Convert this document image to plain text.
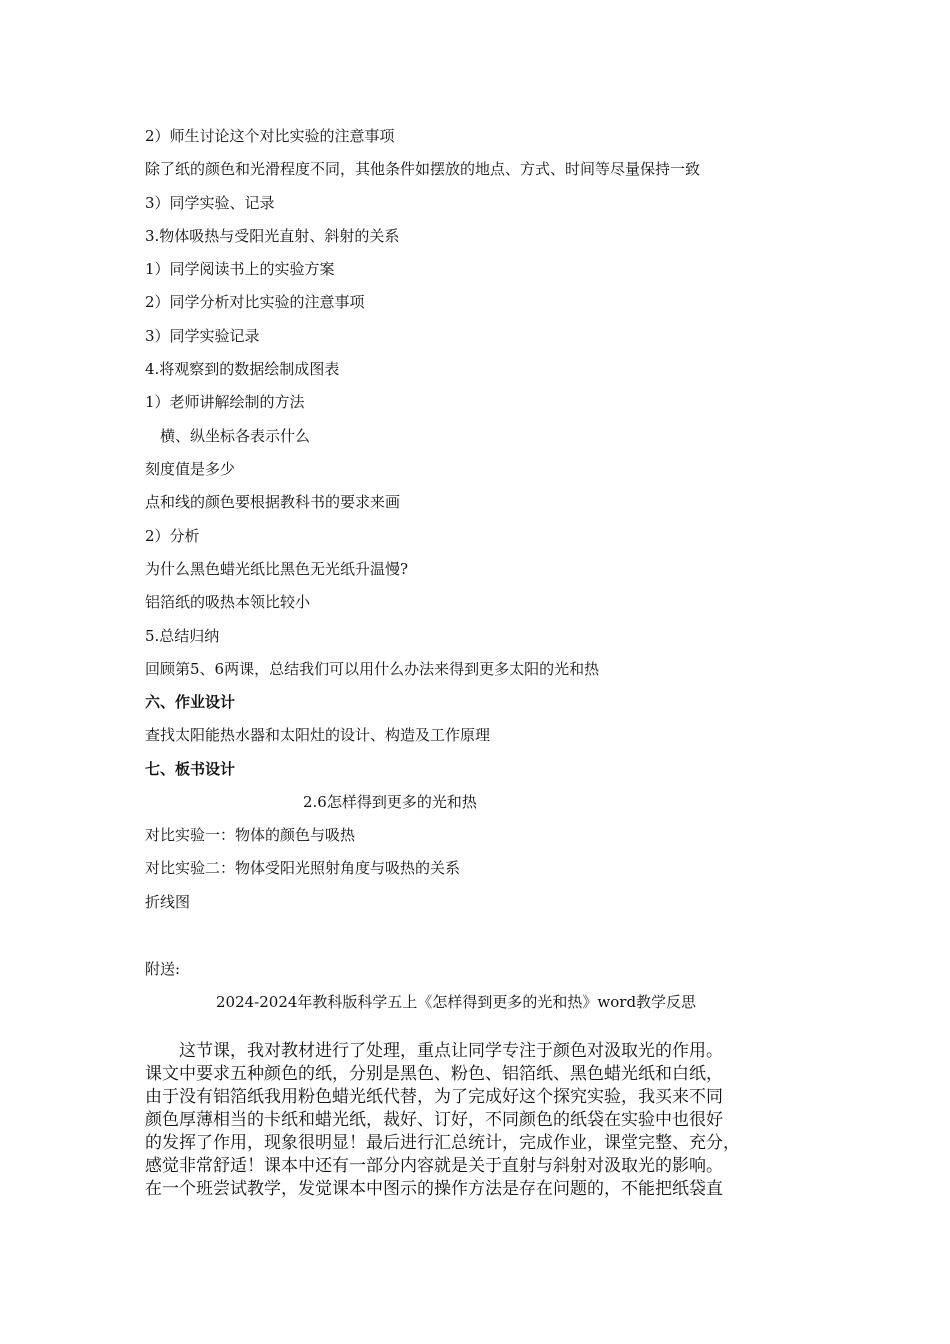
2）师生讨论这个对比实验的注意事项
除了纸的颜色和光滑程度不同，其他条件如摆放的地点、方式、时间等尽量保持一致
3）同学实验、记录
3.物体吸热与受阳光直射、斜射的关系
1）同学阅读书上的实验方案
2）同学分析对比实验的注意事项
3）同学实验记录
4.将观察到的数据绘制成图表
1）老师讲解绘制的方法
横、纵坐标各表示什么
刻度值是多少
点和线的颜色要根据教科书的要求来画
2）分析
为什么黑色蜡光纸比黑色无光纸升温慢?
铝箔纸的吸热本领比较小
5.总结归纳
回顾第5、6两课，总结我们可以用什么办法来得到更多太阳的光和热
六、作业设计
查找太阳能热水器和太阳灶的设计、构造及工作原理
七、板书设计
2.6怎样得到更多的光和热
对比实验一：物体的颜色与吸热
对比实验二：物体受阳光照射角度与吸热的关系
折线图
附送:
2024-2024年教科版科学五上《怎样得到更多的光和热》word教学反思

　　这节课，我对教材进行了处理，重点让同学专注于颜色对汲取光的作用。

课文中要求五种颜色的纸，分别是黑色、粉色、铝箔纸、黑色蜡光纸和白纸，

由于没有铝箔纸我用粉色蜡光纸代替，为了完成好这个探究实验，我买来不同

颜色厚薄相当的卡纸和蜡光纸，裁好、订好，不同颜色的纸袋在实验中也很好

的发挥了作用，现象很明显！最后进行汇总统计，完成作业，课堂完整、充分，

感觉非常舒适！课本中还有一部分内容就是关于直射与斜射对汲取光的影响。

在一个班尝试教学，发觉课本中图示的操作方法是存在问题的，不能把纸袋直
